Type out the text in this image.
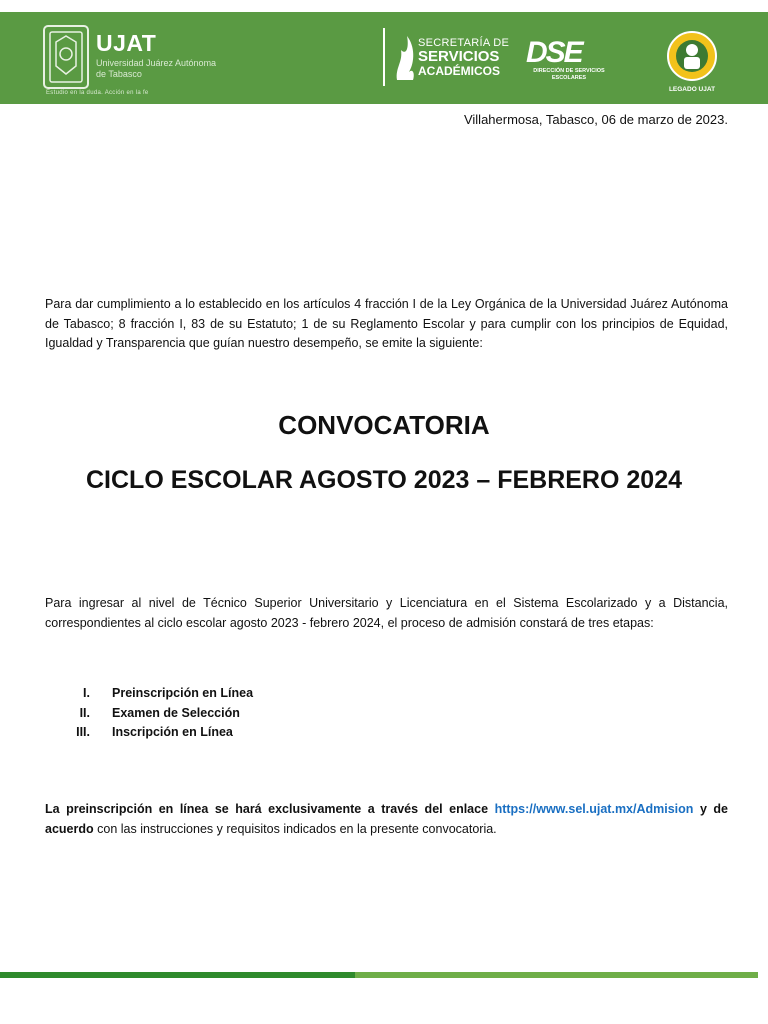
UJAT
Universidad Juárez Autónoma de Tabasco
Estudio en la duda. Acción en la fe
SECRETARÍA DE
SERVICIOS
ACADÉMICOS
DSE
DIRECCIÓN DE SERVICIOS ESCOLARES
LEGADO UJAT
Villahermosa, Tabasco, 06 de marzo de 2023.
Para dar cumplimiento a lo establecido en los artículos 4 fracción I de la Ley Orgánica de la Universidad Juárez Autónoma de Tabasco; 8 fracción I, 83 de su Estatuto; 1 de su Reglamento Escolar y para cumplir con los principios de Equidad, Igualdad y Transparencia que guían nuestro desempeño, se emite la siguiente:
CONVOCATORIA
CICLO ESCOLAR AGOSTO 2023 – FEBRERO 2024
Para ingresar al nivel de Técnico Superior Universitario y Licenciatura en el Sistema Escolarizado y a Distancia, correspondientes al ciclo escolar agosto 2023 - febrero 2024, el proceso de admisión constará de tres etapas:
I. Preinscripción en Línea
II. Examen de Selección
III. Inscripción en Línea
La preinscripción en línea se hará exclusivamente a través del enlace https://www.sel.ujat.mx/Admision y de acuerdo con las instrucciones y requisitos indicados en la presente convocatoria.
